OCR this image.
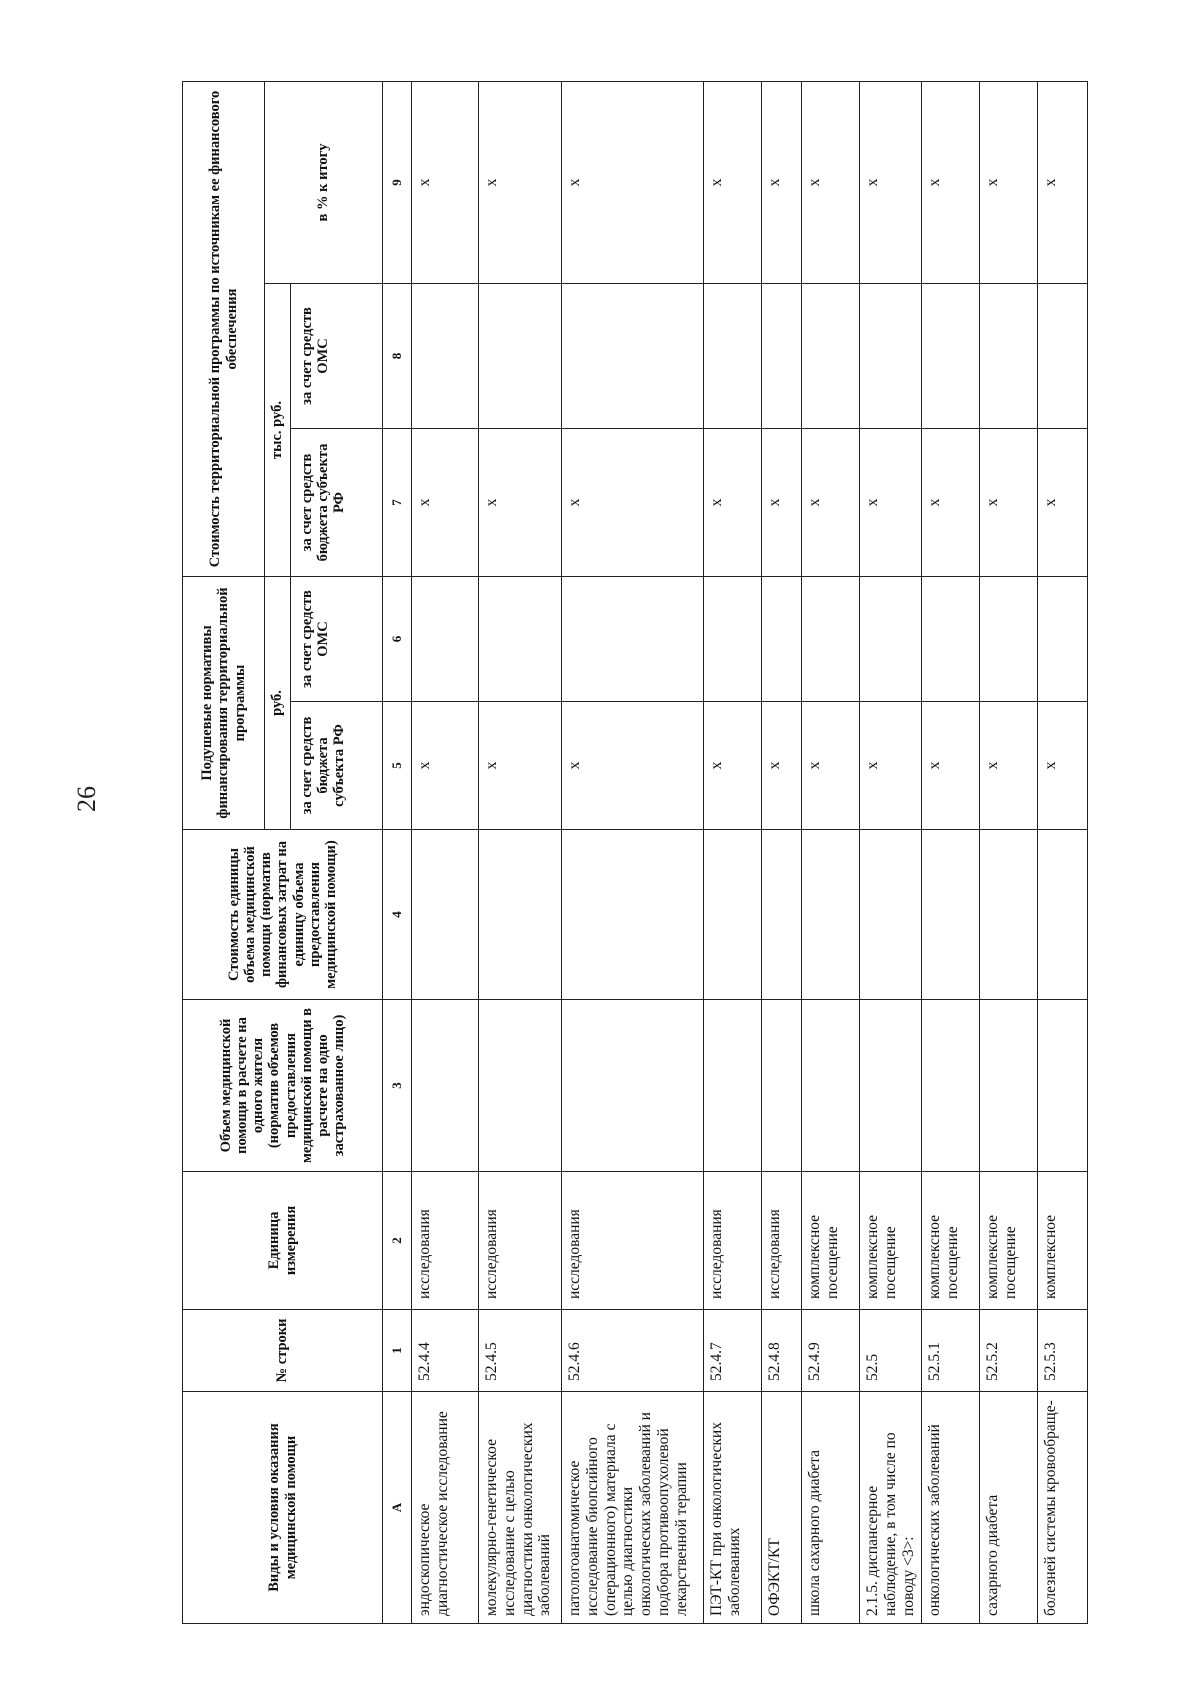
26
Виды и условия оказания медицинской помощи	№ строки	Единица измерения	Объем медицинской помощи в расчете на одного жителя (норматив объемов предоставления медицинской помощи в расчете на одно застрахованное лицо)	Стоимость единицы объема медицинской помощи (норматив финансовых затрат на единицу объема предоставления медицинской помощи)	Подушевые нормативы финансирования территориальной программы		Стоимость территориальной программы по источникам ее финансового обеспечения		
					руб.		тыс. руб.		в % к итогу
					за счет средств бюджета субъекта РФ	за счет средств ОМС	за счет средств бюджета субъекта РФ	за счет средств ОМС	
А	1	2	3	4	5	6	7	8	9
эндоскопическое диагностическое исследование	52.4.4	исследования			х		х		х
молекулярно-генетическое исследование с целью диагностики онкологических заболеваний	52.4.5	исследования			х		х		х
патологоанатомическое исследование биопсийного (операционного) материала с целью диагностики онкологических заболеваний и подбора противоопухолевой лекарственной терапии	52.4.6	исследования			х		х		х
ПЭТ-КТ при онкологических заболеваниях	52.4.7	исследования			х		х		х
ОФЭКТ/КТ	52.4.8	исследования			х		х		х
школа сахарного диабета	52.4.9	комплексное посещение			х		х		х
2.1.5. диспансерное наблюдение, в том числе по поводу <3>:	52.5	комплексное посещение			х		х		х
онкологических заболеваний	52.5.1	комплексное посещение			х		х		х
сахарного диабета	52.5.2	комплексное посещение			х		х		х
болезней системы кровообраще-	52.5.3	комплексное			х		х		х
